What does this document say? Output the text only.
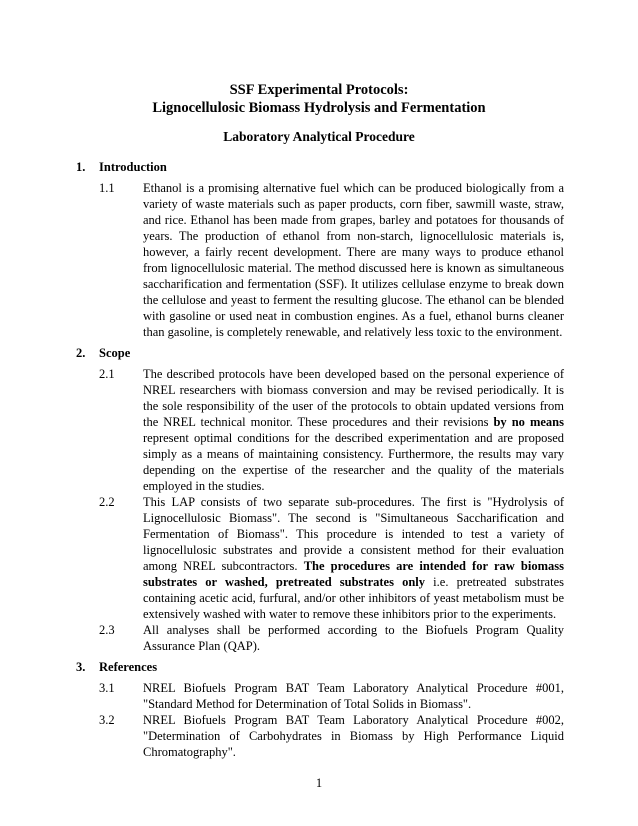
SSF Experimental Protocols:
Lignocellulosic Biomass Hydrolysis and Fermentation
Laboratory Analytical Procedure
1. Introduction
1.1 Ethanol is a promising alternative fuel which can be produced biologically from a
variety of waste materials such as paper products, corn fiber, sawmill waste, straw,
and rice. Ethanol has been made from grapes, barley and potatoes for thousands of
years. The production of ethanol from non-starch, lignocellulosic materials is,
however, a fairly recent development. There are many ways to produce ethanol
from lignocellulosic material. The method discussed here is known as simultaneous
saccharification and fermentation (SSF). It utilizes cellulase enzyme to break down
the cellulose and yeast to ferment the resulting glucose. The ethanol can be blended
with gasoline or used neat in combustion engines. As a fuel, ethanol burns cleaner
than gasoline, is completely renewable, and relatively less toxic to the environment.
2. Scope
2.1 The described protocols have been developed based on the personal experience of
NREL researchers with biomass conversion and may be revised periodically. It is
the sole responsibility of the user of the protocols to obtain updated versions from
the NREL technical monitor. These procedures and their revisions by no means
represent optimal conditions for the described experimentation and are proposed
simply as a means of maintaining consistency. Furthermore, the results may vary
depending on the expertise of the researcher and the quality of the materials
employed in the studies.
2.2 This LAP consists of two separate sub-procedures. The first is "Hydrolysis of
Lignocellulosic Biomass". The second is "Simultaneous Saccharification and
Fermentation of Biomass". This procedure is intended to test a variety of
lignocellulosic substrates and provide a consistent method for their evaluation
among NREL subcontractors. The procedures are intended for raw biomass
substrates or washed, pretreated substrates only i.e. pretreated substrates
containing acetic acid, furfural, and/or other inhibitors of yeast metabolism must be
extensively washed with water to remove these inhibitors prior to the experiments.
2.3 All analyses shall be performed according to the Biofuels Program Quality
Assurance Plan (QAP).
3. References
3.1 NREL Biofuels Program BAT Team Laboratory Analytical Procedure #001,
"Standard Method for Determination of Total Solids in Biomass".
3.2 NREL Biofuels Program BAT Team Laboratory Analytical Procedure #002,
"Determination of Carbohydrates in Biomass by High Performance Liquid
Chromatography".
1
